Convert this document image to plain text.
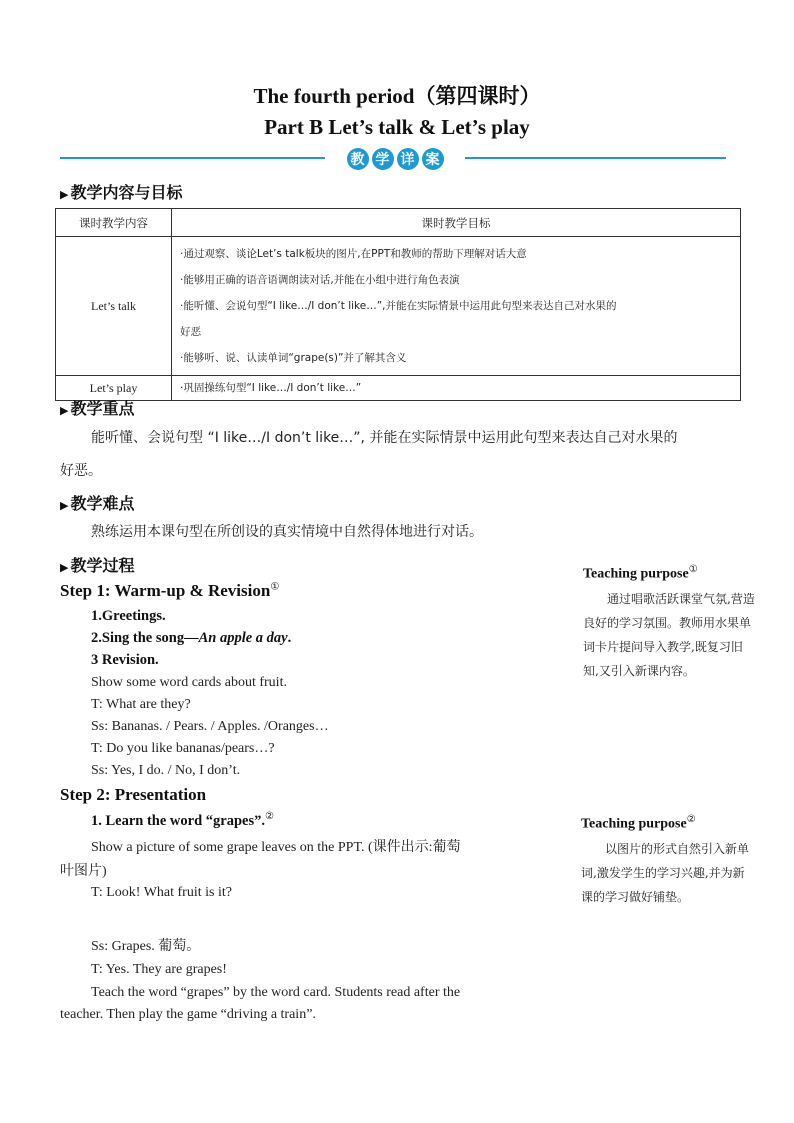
The fourth period（第四课时）
Part B Let’s talk & Let’s play
教 学 详 案
▶ 教学内容与目标
课时教学内容	课时教学目标
Let’s talk	·通过观察、谈论Let’s talk板块的图片,在PPT和教师的帮助下理解对话大意
·能够用正确的语音语调朗读对话,并能在小组中进行角色表演
·能听懂、会说句型“I like…/I don’t like…”,并能在实际情景中运用此句型来表达自己对水果的
好恶
·能够听、说、认读单词“grape(s)”并了解其含义

Let’s play	·巩固操练句型“I like…/I don’t like…”
▶ 教学重点
能听懂、会说句型 “I like…/I don’t like…”, 并能在实际情景中运用此句型来表达自己对水果的
好恶。
▶ 教学难点
熟练运用本课句型在所创设的真实情境中自然得体地进行对话。
▶ 教学过程
Step 1: Warm-up & Revision①
1.Greetings.
2.Sing the song—An apple a day.
3 Revision.
Show some word cards about fruit.
T: What are they?
Ss: Bananas. / Pears. / Apples. /Oranges…
T: Do you like bananas/pears…?
Ss: Yes, I do. / No, I don’t.
Step 2: Presentation
1. Learn the word “grapes”.②
Show a picture of some grape leaves on the PPT. (课件出示:葡萄
叶图片)
T: Look! What fruit is it?
Ss: Grapes. 葡萄。
T: Yes. They are grapes!
Teach the word “grapes” by the word card. Students read after the
teacher. Then play the game “driving a train”.
Teaching purpose①
通过唱歌活跃课堂气氛,营造良好的学习氛围。教师用水果单词卡片提问导入教学,既复习旧知,又引入新课内容。
Teaching purpose②
以图片的形式自然引入新单词,激发学生的学习兴趣,并为新课的学习做好铺垫。
